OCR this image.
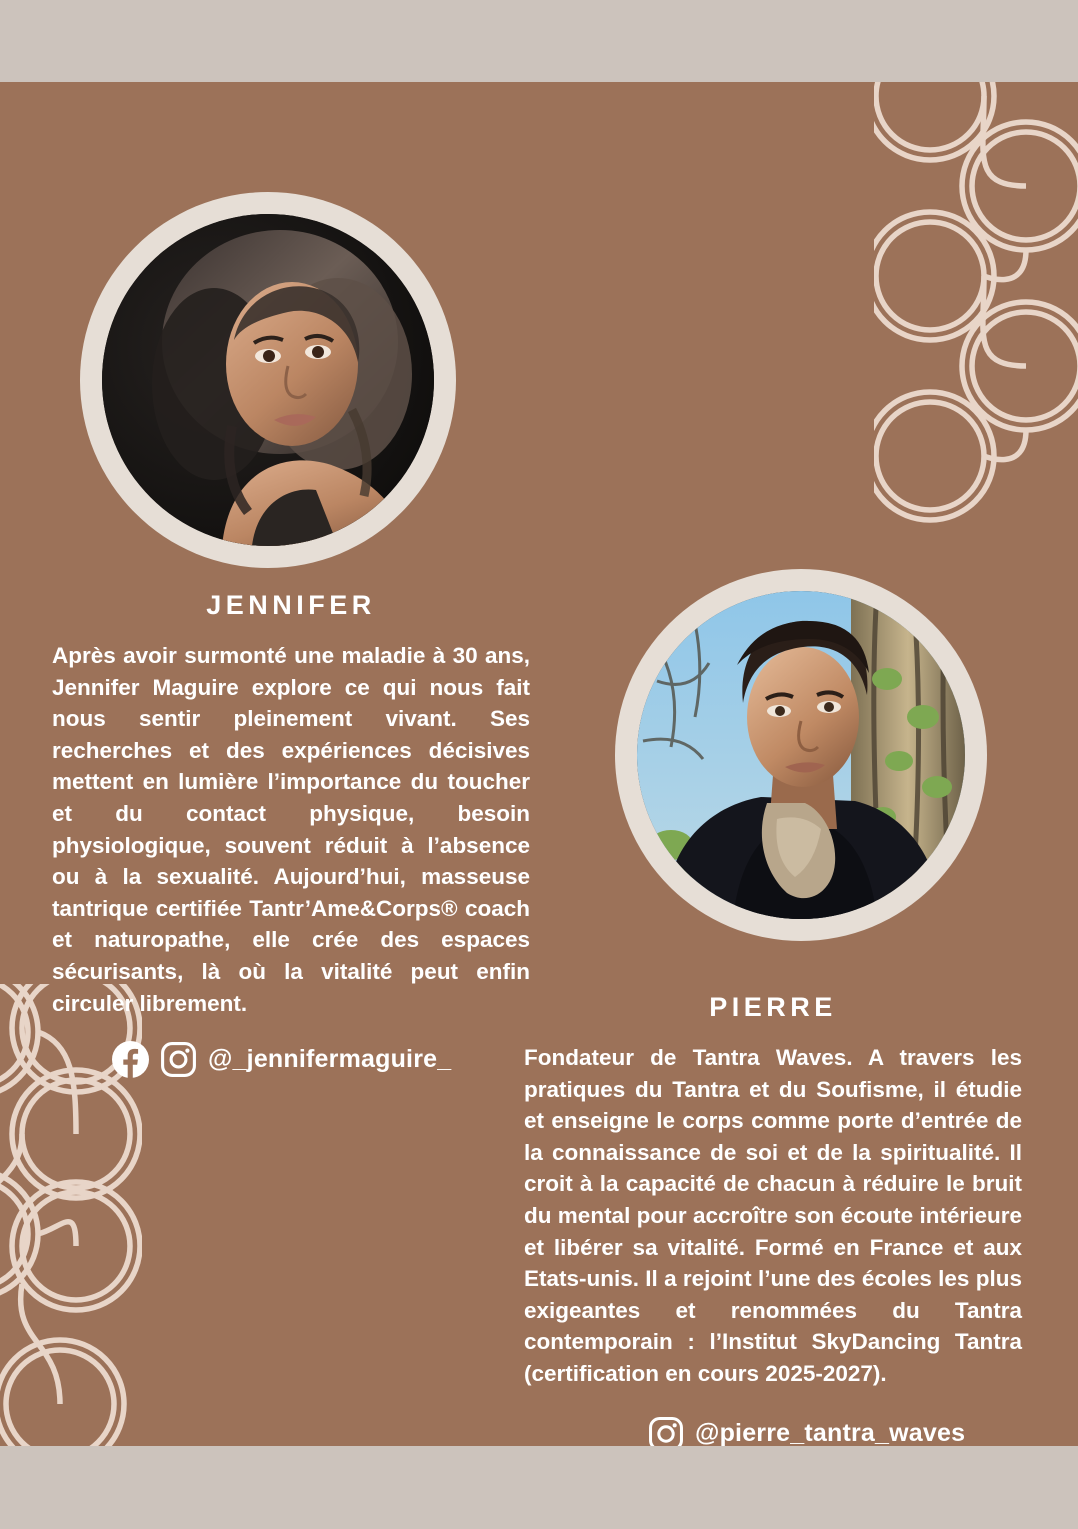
JENNIFER
Après avoir surmonté une maladie à 30 ans, Jennifer Maguire explore ce qui nous fait nous sentir pleinement vivant. Ses recherches et des expériences décisives mettent en lumière l’importance du toucher et du contact physique, besoin physiologique, souvent réduit à l’absence ou à la sexualité. Aujourd’hui, masseuse tantrique certifiée Tantr’Ame&Corps® coach et naturopathe, elle crée des espaces sécurisants, là où la vitalité peut enfin circuler librement.
@_jennifermaguire_
PIERRE
Fondateur de Tantra Waves. A travers les pratiques du Tantra et du Soufisme, il étudie et enseigne le corps comme porte d’entrée de la connaissance de soi et de la spiritualité. Il croit à la capacité de chacun à réduire le bruit du mental pour accroître son écoute intérieure et libérer sa vitalité. Formé en France et aux Etats-unis. Il a rejoint l’une des écoles les plus exigeantes et renommées du Tantra contemporain : l’Institut SkyDancing Tantra (certification en cours 2025-2027).
@pierre_tantra_waves
